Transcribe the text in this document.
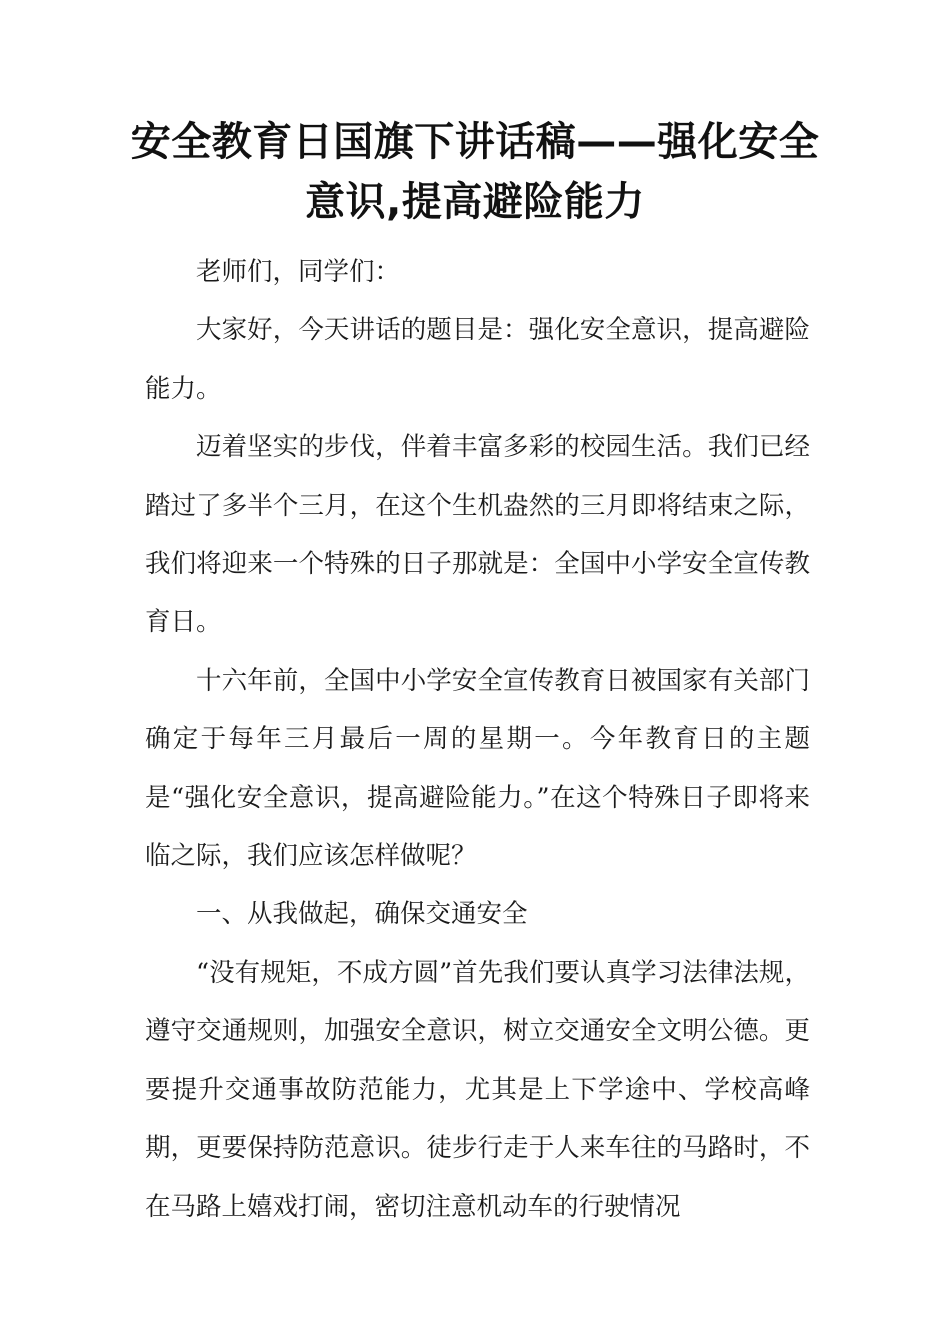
安全教育日国旗下讲话稿——强化安全意识,提高避险能力

老师们，同学们：

大家好，今天讲话的题目是：强化安全意识，提高避险能力。

迈着坚实的步伐，伴着丰富多彩的校园生活。我们已经踏过了多半个三月，在这个生机盎然的三月即将结束之际，我们将迎来一个特殊的日子那就是：全国中小学安全宣传教育日。

十六年前，全国中小学安全宣传教育日被国家有关部门确定于每年三月最后一周的星期一。今年教育日的主题是“强化安全意识，提高避险能力。”在这个特殊日子即将来临之际，我们应该怎样做呢？

一、从我做起，确保交通安全

“没有规矩，不成方圆”首先我们要认真学习法律法规，遵守交通规则，加强安全意识，树立交通安全文明公德。更要提升交通事故防范能力，尤其是上下学途中、学校高峰期，更要保持防范意识。徒步行走于人来车往的马路时，不在马路上嬉戏打闹，密切注意机动车的行驶情况
